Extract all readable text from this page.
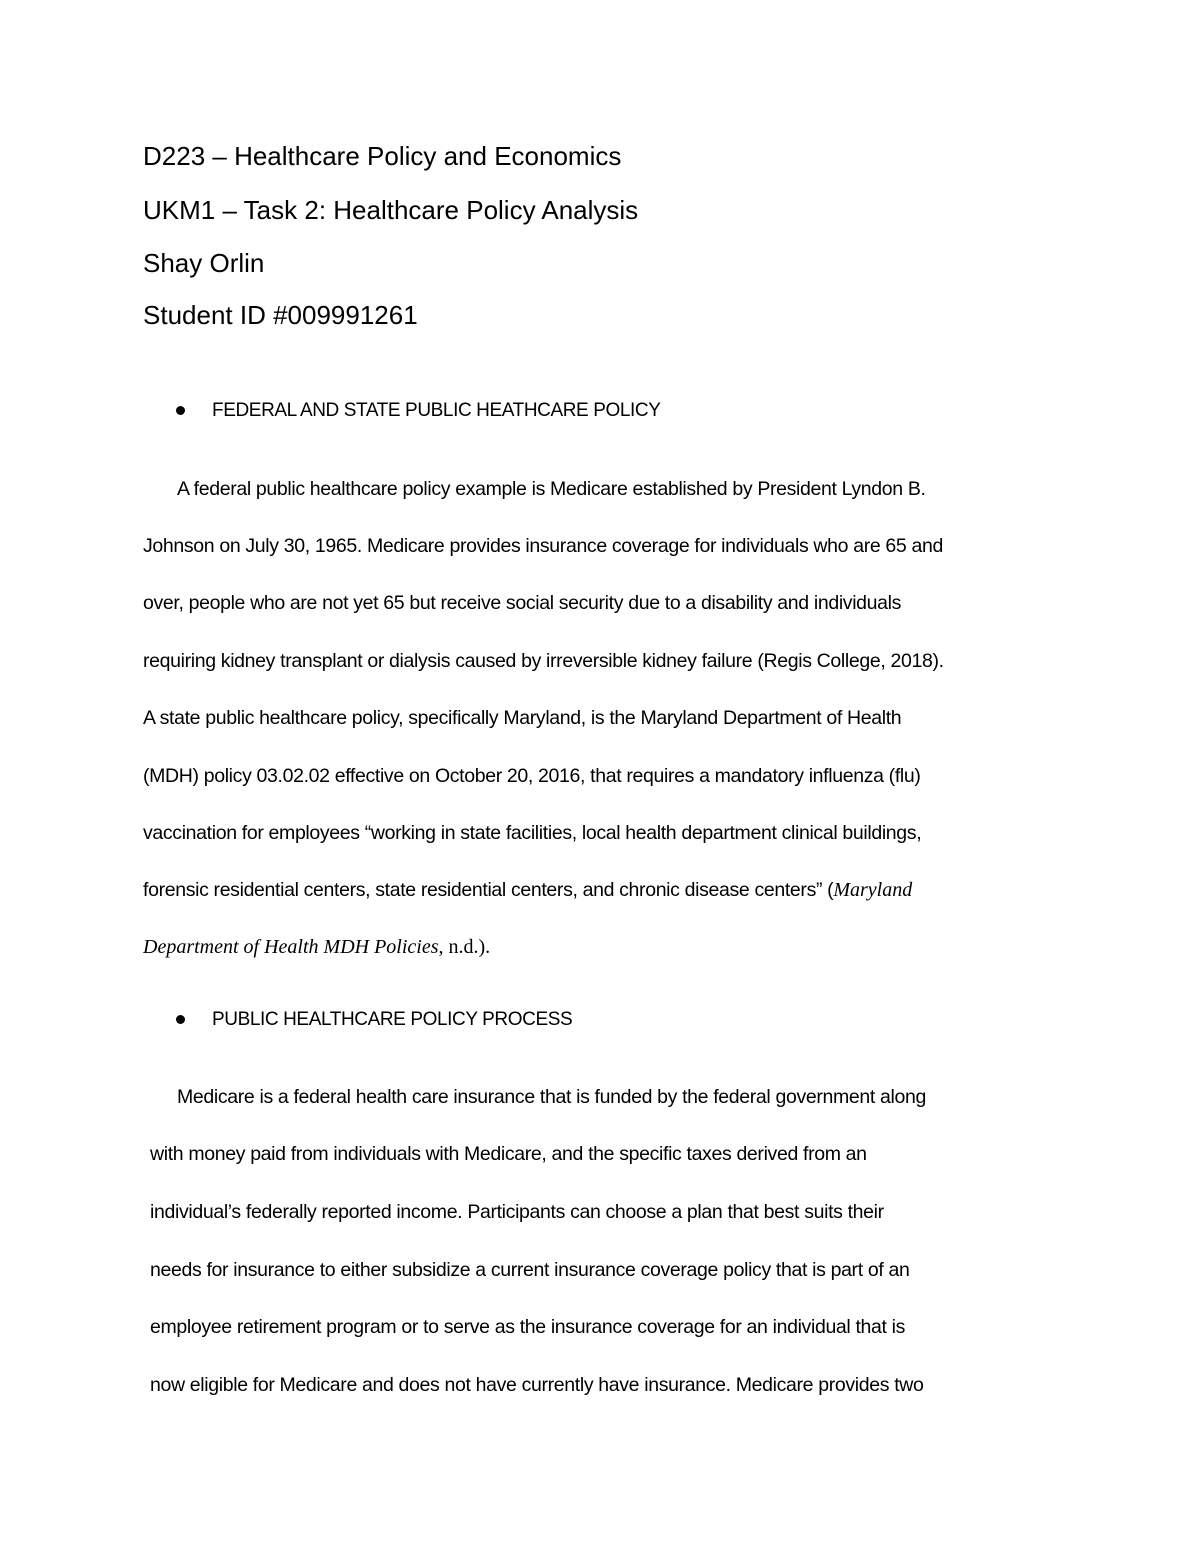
D223 – Healthcare Policy and Economics
UKM1 – Task 2: Healthcare Policy Analysis
Shay Orlin
Student ID #009991261
FEDERAL AND STATE PUBLIC HEATHCARE POLICY
A federal public healthcare policy example is Medicare established by President Lyndon B.
Johnson on July 30, 1965. Medicare provides insurance coverage for individuals who are 65 and
over, people who are not yet 65 but receive social security due to a disability and individuals
requiring kidney transplant or dialysis caused by irreversible kidney failure (Regis College, 2018).
A state public healthcare policy, specifically Maryland, is the Maryland Department of Health
(MDH) policy 03.02.02 effective on October 20, 2016, that requires a mandatory influenza (flu)
vaccination for employees “working in state facilities, local health department clinical buildings,
forensic residential centers, state residential centers, and chronic disease centers” (Maryland
Department of Health MDH Policies, n.d.).
PUBLIC HEALTHCARE POLICY PROCESS
Medicare is a federal health care insurance that is funded by the federal government along
with money paid from individuals with Medicare, and the specific taxes derived from an
individual’s federally reported income. Participants can choose a plan that best suits their
needs for insurance to either subsidize a current insurance coverage policy that is part of an
employee retirement program or to serve as the insurance coverage for an individual that is
now eligible for Medicare and does not have currently have insurance. Medicare provides two
